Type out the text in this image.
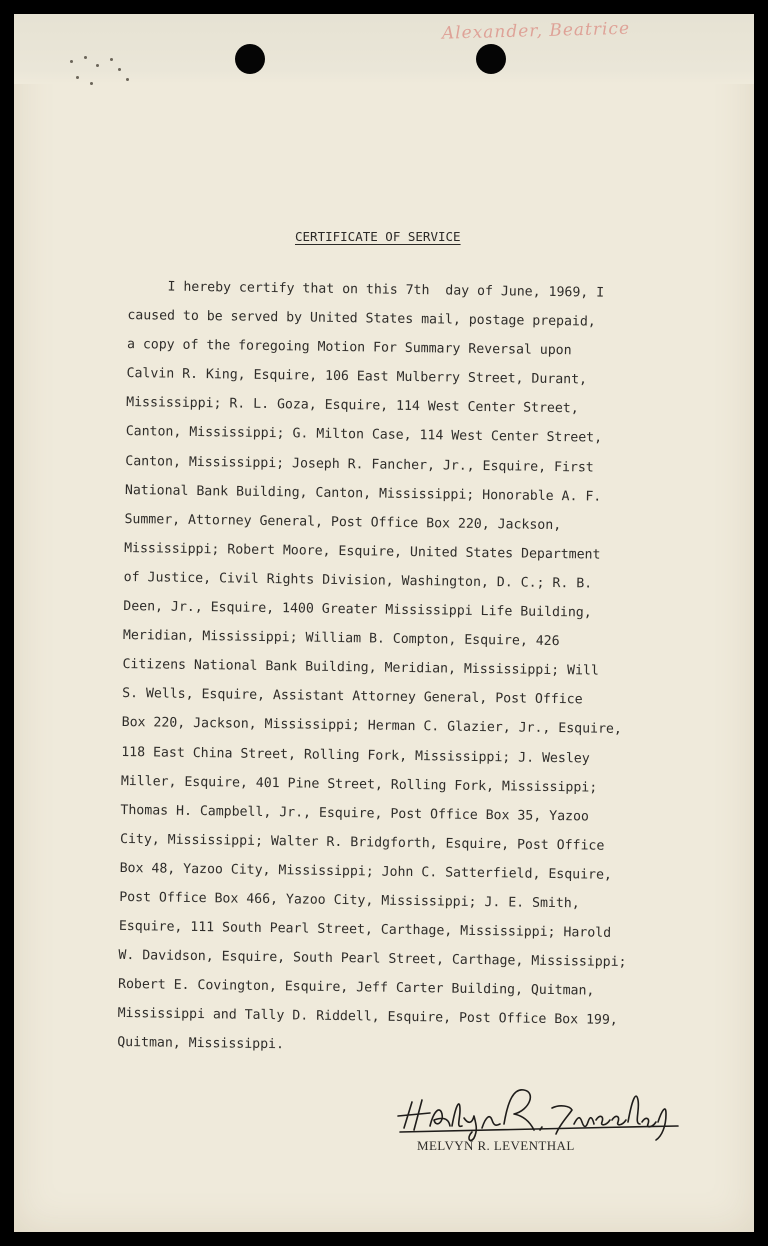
Alexander, Beatrice
CERTIFICATE OF SERVICE
I hereby certify that on this 7th  day of June, 1969, I
caused to be served by United States mail, postage prepaid,
a copy of the foregoing Motion For Summary Reversal upon
Calvin R. King, Esquire, 106 East Mulberry Street, Durant,
Mississippi; R. L. Goza, Esquire, 114 West Center Street,
Canton, Mississippi; G. Milton Case, 114 West Center Street,
Canton, Mississippi; Joseph R. Fancher, Jr., Esquire, First
National Bank Building, Canton, Mississippi; Honorable A. F.
Summer, Attorney General, Post Office Box 220, Jackson,
Mississippi; Robert Moore, Esquire, United States Department
of Justice, Civil Rights Division, Washington, D. C.; R. B.
Deen, Jr., Esquire, 1400 Greater Mississippi Life Building,
Meridian, Mississippi; William B. Compton, Esquire, 426
Citizens National Bank Building, Meridian, Mississippi; Will
S. Wells, Esquire, Assistant Attorney General, Post Office
Box 220, Jackson, Mississippi; Herman C. Glazier, Jr., Esquire,
118 East China Street, Rolling Fork, Mississippi; J. Wesley
Miller, Esquire, 401 Pine Street, Rolling Fork, Mississippi;
Thomas H. Campbell, Jr., Esquire, Post Office Box 35, Yazoo
City, Mississippi; Walter R. Bridgforth, Esquire, Post Office
Box 48, Yazoo City, Mississippi; John C. Satterfield, Esquire,
Post Office Box 466, Yazoo City, Mississippi; J. E. Smith,
Esquire, 111 South Pearl Street, Carthage, Mississippi; Harold
W. Davidson, Esquire, South Pearl Street, Carthage, Mississippi;
Robert E. Covington, Esquire, Jeff Carter Building, Quitman,
Mississippi and Tally D. Riddell, Esquire, Post Office Box 199,
Quitman, Mississippi.
MELVYN R. LEVENTHAL
